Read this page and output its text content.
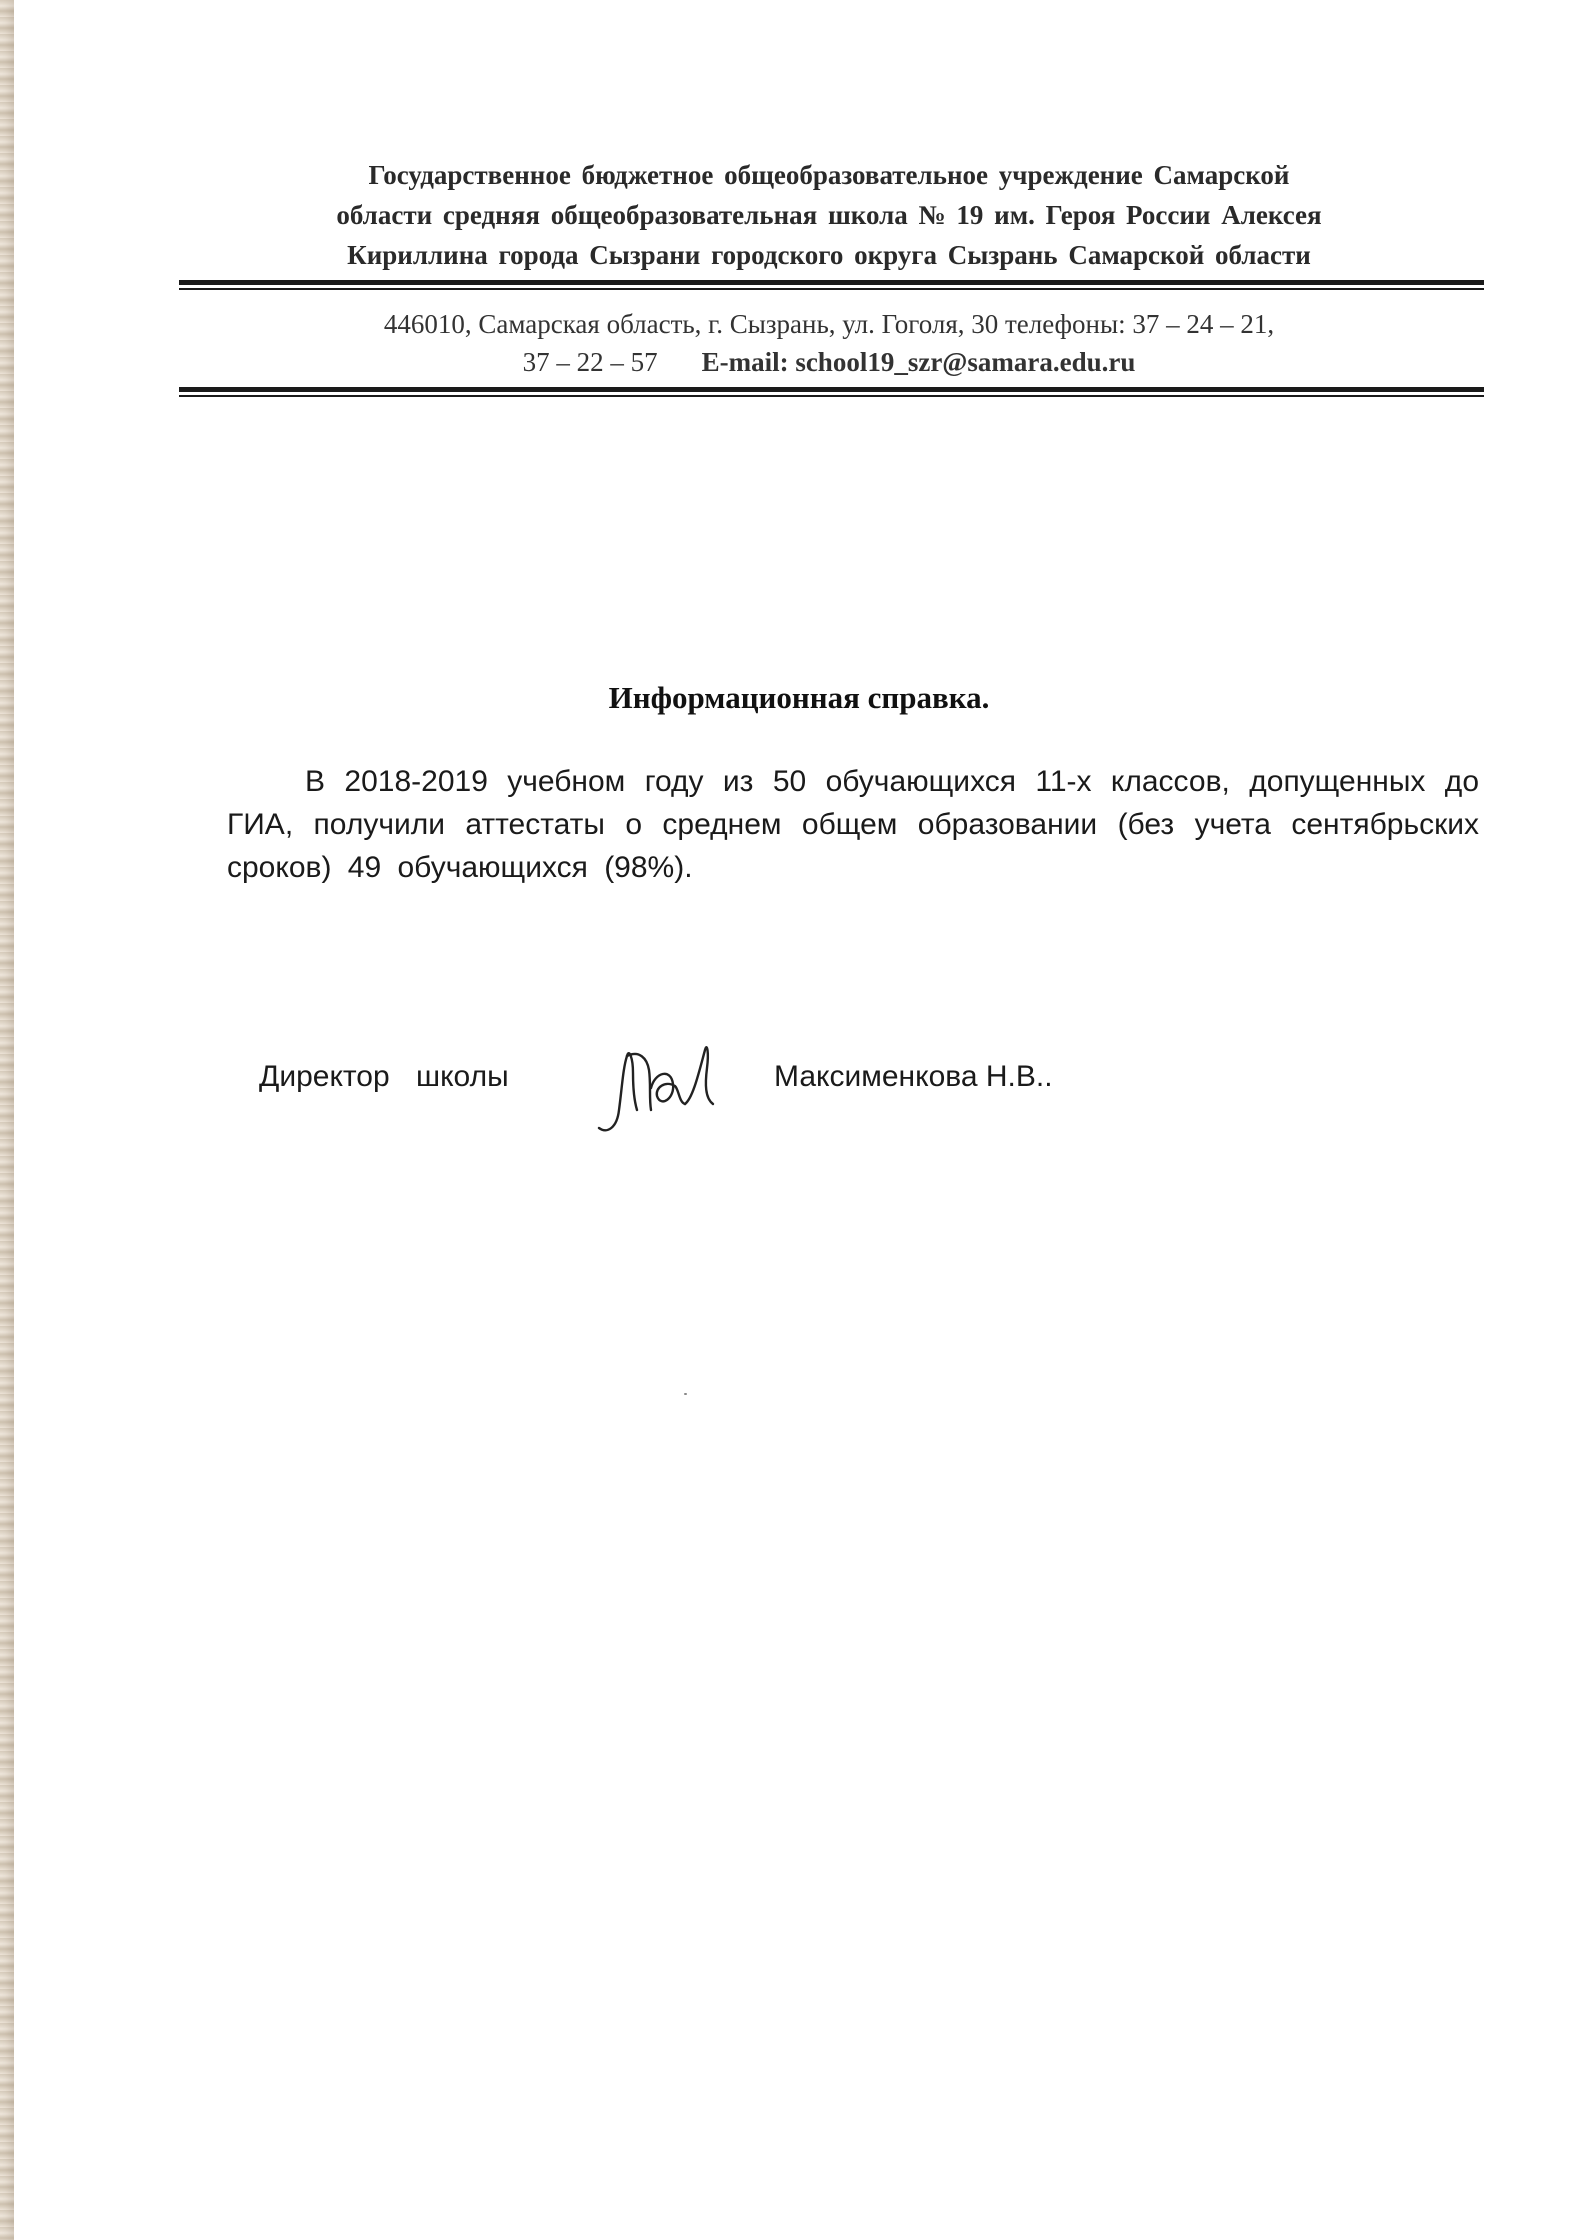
Государственное бюджетное общеобразовательное учреждение Самарской
области средняя общеобразовательная школа № 19 им. Героя России Алексея
Кириллина города Сызрани городского округа Сызрань Самарской области
446010, Самарская область, г. Сызрань, ул. Гоголя, 30 телефоны: 37 – 24 – 21,
37 – 22 – 57 E-mail: school19_szr@samara.edu.ru
Информационная справка.
В 2018-2019 учебном году из 50 обучающихся 11-х классов, допущенных до ГИА, получили аттестаты о среднем общем образовании (без учета сентябрьских сроков) 49 обучающихся (98%).
Директор школы	Максименкова Н.В..
